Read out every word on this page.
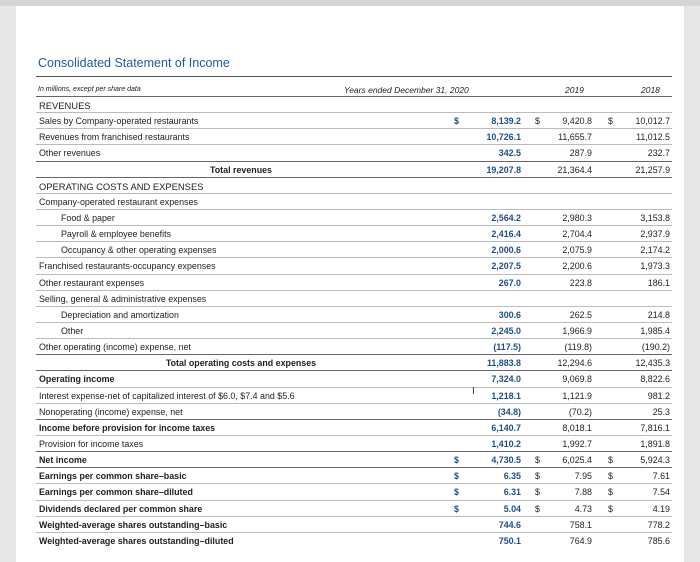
Consolidated Statement of Income
In millions, except per share data	Years ended December 31, 2020	2019	2018
REVENUES
Sales by Company-operated restaurants	$	8,139.2 $	9,420.8 $	10,012.7
Revenues from franchised restaurants	10,726.1	11,655.7	11,012.5
Other revenues	342.5	287.9	232.7
Total revenues	19,207.8	21,364.4	21,257.9
OPERATING COSTS AND EXPENSES
Company-operated restaurant expenses
Food & paper	2,564.2	2,980.3	3,153.8
Payroll & employee benefits	2,416.4	2,704.4	2,937.9
Occupancy & other operating expenses	2,000.6	2,075.9	2,174.2
Franchised restaurants-occupancy expenses	2,207.5	2,200.6	1,973.3
Other restaurant expenses	267.0	223.8	186.1
Selling, general & administrative expenses
Depreciation and amortization	300.6	262.5	214.8
Other	2,245.0	1,966.9	1,985.4
Other operating (income) expense, net	(117.5)	(119.8)	(190.2)
Total operating costs and expenses	11,883.8	12,294.6	12,435.3
Operating income	7,324.0	9,069.8	8,822.6
Interest expense-net of capitalized interest of $6.0, $7.4 and $5.6	1,218.1	1,121.9	981.2
Nonoperating (income) expense, net	(34.8)	(70.2)	25.3
Income before provision for income taxes	6,140.7	8,018.1	7,816.1
Provision for income taxes	1,410.2	1,992.7	1,891.8
Net income	$	4,730.5 $	6,025.4 $	5,924.3
Earnings per common share–basic	$	6.35 $	7.95 $	7.61
Earnings per common share–diluted	$	6.31 $	7.88 $	7.54
Dividends declared per common share	$	5.04 $	4.73 $	4.19
Weighted-average shares outstanding–basic	744.6	758.1	778.2
Weighted-average shares outstanding–diluted	750.1	764.9	785.6
I
